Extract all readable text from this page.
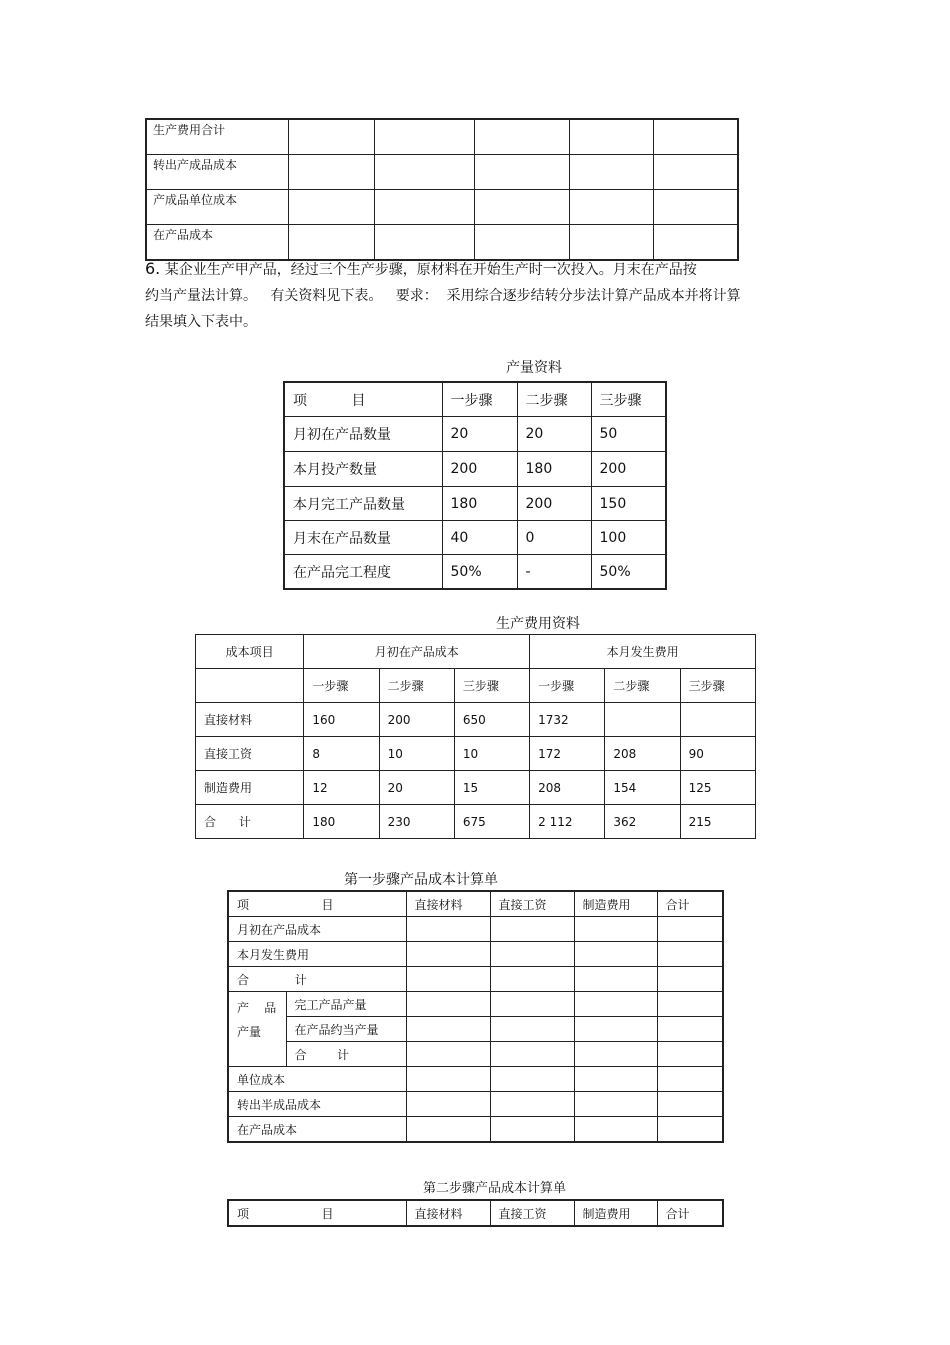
生产费用合计					
转出产成品成本					
产成品单位成本					
在产品成本					
6. 某企业生产甲产品，经过三个生产步骤，原材料在开始生产时一次投入。月末在产品按
约当产量法计算。   有关资料见下表。   要求：  采用综合逐步结转分步法计算产品成本并将计算
结果填入下表中。
产量资料
项          目	一步骤	二步骤	三步骤
月初在产品数量	20	20	50
本月投产数量	200	180	200
本月完工产品数量	180	200	150
月末在产品数量	40	0	100
在产品完工程度	50%	-	50%
生产费用资料
成本项目	月初在产品成本			本月发生费用		
	一步骤	二步骤	三步骤	一步骤	二步骤	三步骤
直接材料	160	200	650	1732		
直接工资	8	10	10	172	208	90
制造费用	12	20	15	208	154	125
合      计	180	230	675	2 112	362	215
第一步骤产品成本计算单
项                   目		直接材料	直接工资	制造费用	合计
月初在产品成本					
本月发生费用					
合            计					

产    品
产量	完工产品产量				
	在产品约当产量				
	合        计				
单位成本					
转出半成品成本					
在产品成本					
第二步骤产品成本计算单
项                   目	直接材料	直接工资	制造费用	合计
